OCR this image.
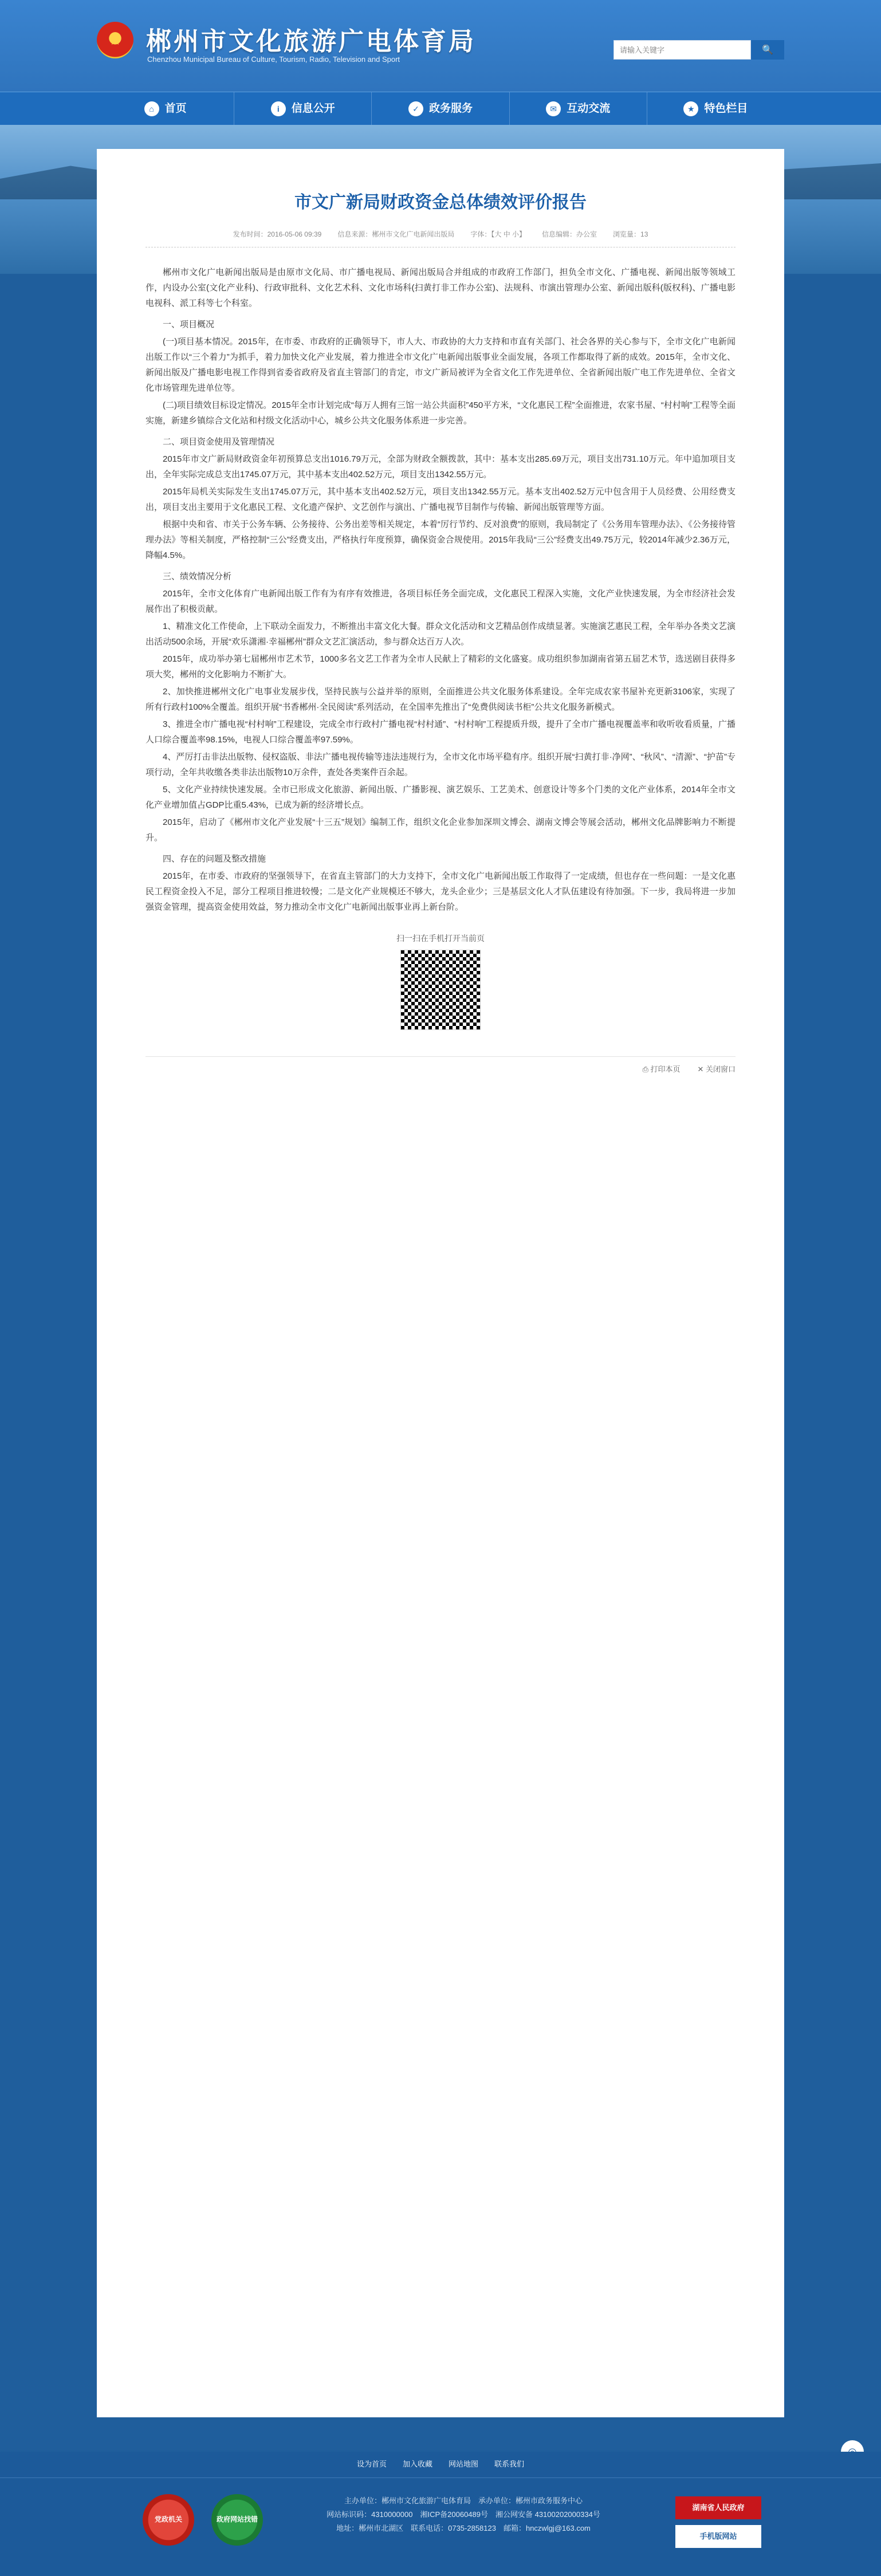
★ 郴州市文化旅游广电体育局
Chenzhou Municipal Bureau of Culture, Tourism, Radio, Television and Sport
请输入关键字
🔍
⌂ 首页	i	信息公开	✓ 政务服务	✉ 互动交流	★ 特色栏目
市文广新局财政资金总体绩效评价报告
发布时间：2016-05-06 09:39 信息来源：郴州市文化广电新闻出版局 字体：【大 中 小】 信息编辑：办公室 浏览量：13

郴州市文化广电新闻出版局是由原市文化局、市广播电视局、新闻出版局合并组成的市政府工作部门，担负全市文化、广播电视、新闻出版等领域工作，内设办公室(文化产业科)、行政审批科、文化艺术科、文化市场科(扫黄打非工作办公室)、法规科、市演出管理办公室、新闻出版科(版权科)、广播电影电视科、派工科等七个科室。

一、项目概况

(一)项目基本情况。2015年，在市委、市政府的正确领导下，市人大、市政协的大力支持和市直有关部门、社会各界的关心参与下，全市文化广电新闻出版工作以“三个着力”为抓手，着力加快文化产业发展，着力推进全市文化广电新闻出版事业全面发展，各项工作都取得了新的成效。2015年，全市文化、新闻出版及广播电影电视工作得到省委省政府及省直主管部门的肯定，市文广新局被评为全省文化工作先进单位、全省新闻出版广电工作先进单位、全省文化市场管理先进单位等。

(二)项目绩效目标设定情况。2015年全市计划完成“每万人拥有三馆一站公共面积”450平方米，“文化惠民工程”全面推进，农家书屋、“村村响”工程等全面实施，新建乡镇综合文化站和村级文化活动中心，城乡公共文化服务体系进一步完善。

二、项目资金使用及管理情况

2015年市文广新局财政资金年初预算总支出1016.79万元，全部为财政全额拨款，其中：基本支出285.69万元，项目支出731.10万元。年中追加项目支出，全年实际完成总支出1745.07万元，其中基本支出402.52万元，项目支出1342.55万元。

2015年局机关实际发生支出1745.07万元，其中基本支出402.52万元，项目支出1342.55万元。基本支出402.52万元中包含用于人员经费、公用经费支出，项目支出主要用于文化惠民工程、文化遗产保护、文艺创作与演出、广播电视节目制作与传输、新闻出版管理等方面。

根据中央和省、市关于公务车辆、公务接待、公务出差等相关规定，本着“厉行节约、反对浪费”的原则，我局制定了《公务用车管理办法》、《公务接待管理办法》等相关制度，严格控制“三公”经费支出，严格执行年度预算，确保资金合规使用。2015年我局“三公”经费支出49.75万元，较2014年减少2.36万元，降幅4.5%。

三、绩效情况分析

2015年，全市文化体育广电新闻出版工作有为有序有效推进，各项目标任务全面完成，文化惠民工程深入实施，文化产业快速发展，为全市经济社会发展作出了积极贡献。

1、精准文化工作使命，上下联动全面发力，不断推出丰富文化大餐。群众文化活动和文艺精品创作成绩显著。实施演艺惠民工程，全年举办各类文艺演出活动500余场，开展“欢乐潇湘·幸福郴州”群众文艺汇演活动，参与群众达百万人次。

2015年，成功举办第七届郴州市艺术节，1000多名文艺工作者为全市人民献上了精彩的文化盛宴。成功组织参加湖南省第五届艺术节，选送剧目获得多项大奖，郴州的文化影响力不断扩大。

2、加快推进郴州文化广电事业发展步伐，坚持民族与公益并举的原则，全面推进公共文化服务体系建设。全年完成农家书屋补充更新3106家，实现了所有行政村100%全覆盖。组织开展“书香郴州·全民阅读”系列活动，在全国率先推出了“免费供阅读书柜”公共文化服务新模式。

3、推进全市广播电视“村村响”工程建设，完成全市行政村广播电视“村村通”、“村村响”工程提质升级，提升了全市广播电视覆盖率和收听收看质量，广播人口综合覆盖率98.15%，电视人口综合覆盖率97.59%。

4、严厉打击非法出版物、侵权盗版、非法广播电视传输等违法违规行为，全市文化市场平稳有序。组织开展“扫黄打非·净网”、“秋风”、“清源”、“护苗”专项行动，全年共收缴各类非法出版物10万余件，查处各类案件百余起。

5、文化产业持续快速发展。全市已形成文化旅游、新闻出版、广播影视、演艺娱乐、工艺美术、创意设计等多个门类的文化产业体系，2014年全市文化产业增加值占GDP比重5.43%，已成为新的经济增长点。

2015年，启动了《郴州市文化产业发展“十三五”规划》编制工作，组织文化企业参加深圳文博会、湖南文博会等展会活动，郴州文化品牌影响力不断提升。

四、存在的问题及整改措施

2015年，在市委、市政府的坚强领导下，在省直主管部门的大力支持下，全市文化广电新闻出版工作取得了一定成绩，但也存在一些问题：一是文化惠民工程资金投入不足，部分工程项目推进较慢；二是文化产业规模还不够大，龙头企业少；三是基层文化人才队伍建设有待加强。下一步，我局将进一步加强资金管理，提高资金使用效益，努力推动全市文化广电新闻出版事业再上新台阶。

扫一扫在手机打开当前页
⎙ 打印本页 ✕ 关闭窗口
设为首页 加入收藏 网站地图 联系我们
党政机关	政府网站找错
主办单位：郴州市文化旅游广电体育局　承办单位：郴州市政务服务中心
网站标识码：4310000000　湘ICP备20060489号　湘公网安备 43100202000334号
地址：郴州市北湖区　联系电话：0735-2858123　邮箱：hnczwlgj@163.com
湖南省人民政府
手机版网站
